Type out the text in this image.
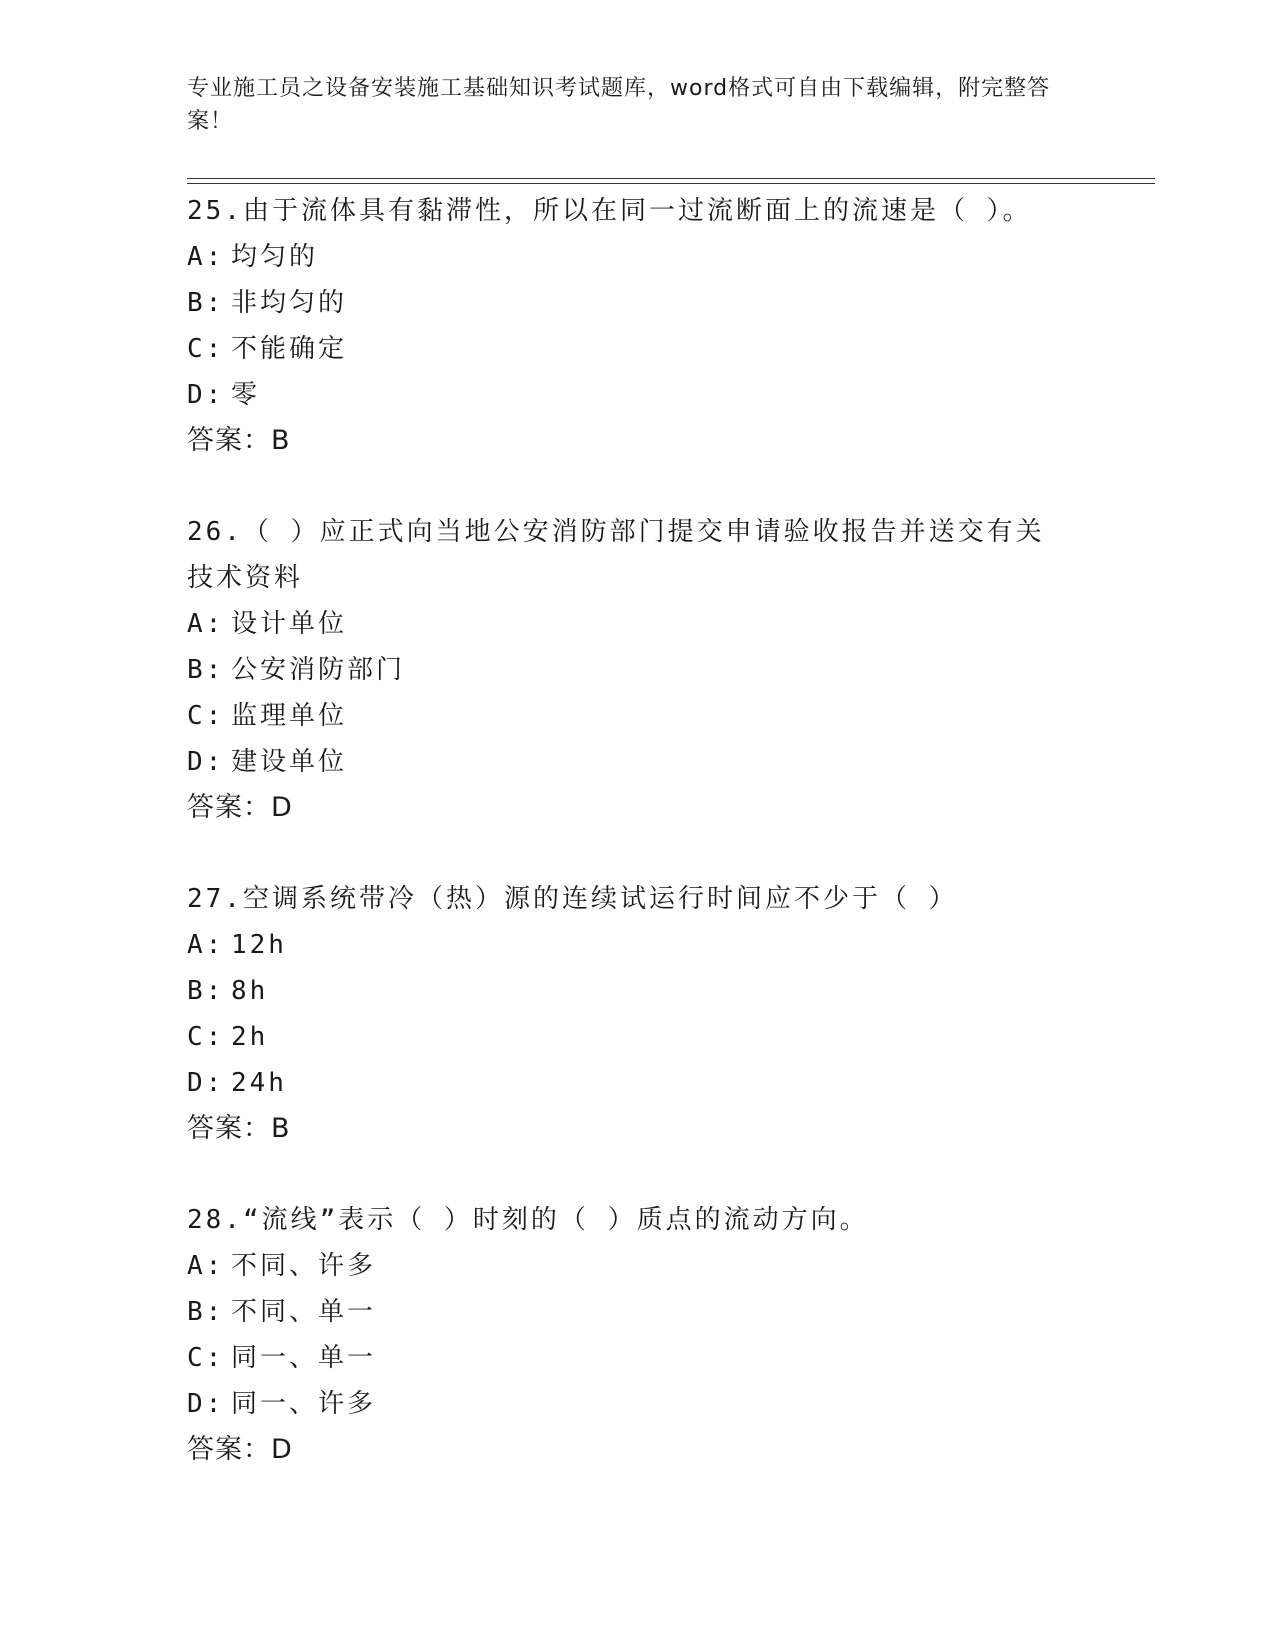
专业施工员之设备安装施工基础知识考试题库，word格式可自由下载编辑，附完整答案！

25.由于流体具有黏滞性，所以在同一过流断面上的流速是（ ）。

A: 均匀的

B: 非均匀的

C: 不能确定

D: 零

答案：B

26.（ ）应正式向当地公安消防部门提交申请验收报告并送交有关技术资料

A: 设计单位

B: 公安消防部门

C: 监理单位

D: 建设单位

答案：D

27.空调系统带冷（热）源的连续试运行时间应不少于（ ）

A: 12h

B: 8h

C: 2h

D: 24h

答案：B

28.“流线”表示（ ）时刻的（ ）质点的流动方向。

A: 不同、许多

B: 不同、单一

C: 同一、单一

D: 同一、许多

答案：D
